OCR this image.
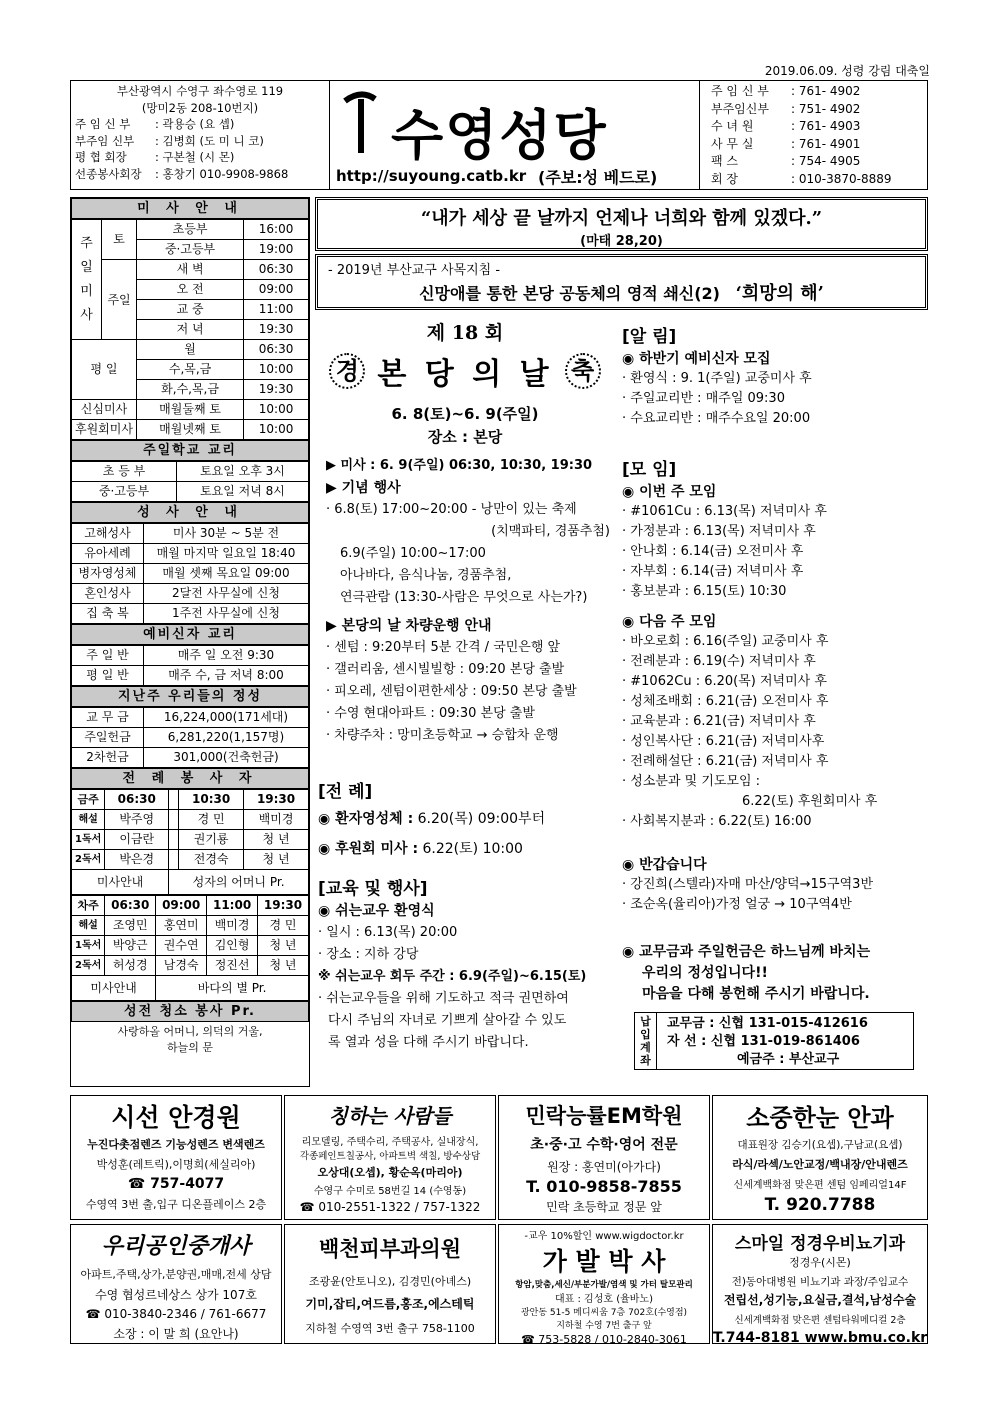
2019.06.09. 성령 강림 대축일
부산광역시 수영구 좌수영로 119
(망미2동 208-10번지)
주 임 신 부 : 곽용승 (요 셉)
부주임 신부 : 김병희 (도 미 니 코)
평 협 회장 : 구본철 (시 몬)
선종봉사회장 : 홍창기 010-9908-9868
수영성당
http://suyoung.catb.kr (주보:성 베드로)
주 임 신 부 : 761- 4902
부주임신부 : 751- 4902
수 녀 원	: 761- 4903
사 무 실	: 761- 4901
팩 스	: 754- 4905
회 장	: 010-3870-8889
미 사 안 내
주일미사	토	초등부	16:00
		중·고등부	19:00
	주일	새 벽	06:30
		오 전	09:00
		교 중	11:00
		저 녁	19:30
평 일		월	06:30
		수,목,금	10:00
		화,수,목,금	19:30
신심미사		매월둘째 토	10:00
후원회미사		매월넷째 토	10:00
주일학교 교리
초 등 부	토요일 오후 3시
중·고등부	토요일 저녁 8시
성 사 안 내
고해성사	미사 30분 ~ 5분 전
유아세례	매월 마지막 일요일 18:40
병자영성체	매월 셋째 목요일 09:00
혼인성사	2달전 사무실에 신청
집 축 복	1주전 사무실에 신청
예비신자 교리
주 일 반	매주 일 오전 9:30
평 일 반	매주 수, 금 저녁 8:00
지난주 우리들의 정성
교 무 금	16,224,000(171세대)
주일헌금	6,281,220(1,157명)
2차헌금	301,000(건축헌금)
전 례 봉 사 자
금주	06:30		10:30	19:30
해설	박주영		경 민	백미경
1독서	이금란		권기룡	청 년
2독서	박은경		전경숙	청 년
미사안내		성자의 어머니 Pr.		
차주	06:30	09:00	11:00	19:30
해설	조영민	홍연미	백미경	경 민
1독서	박양근	권수연	김인형	청 년
2독서	허성경	남경숙	정진선	청 년
미사안내		바다의 별 Pr.		
성전 청소 봉사 Pr.
사랑하올 어머니, 의덕의 거울,
하늘의 문
“내가 세상 끝 날까지 언제나 너희와 함께 있겠다.”
(마태 28,20)
- 2019년 부산교구 사목지침 -
신망애를 통한 본당 공동체의 영적 쇄신(2) ‘희망의 해’
제 18 회
경 본 당 의 날 축
6. 8(토)~6. 9(주일)
장소 : 본당
▶ 미사 : 6. 9(주일) 06:30, 10:30, 19:30
▶ 기념 행사
· 6.8(토) 17:00~20:00 - 낭만이 있는 축제
(치맥파티, 경품추첨)
6.9(주일) 10:00~17:00
아나바다, 음식나눔, 경품추첨,
연극관람 (13:30-사람은 무엇으로 사는가?)
▶ 본당의 날 차량운행 안내
· 센텀 : 9:20부터 5분 간격 / 국민은행 앞
· 갤러리움, 센시빌빌항 : 09:20 본당 출발
· 피오레, 센텀이편한세상 : 09:50 본당 출발
· 수영 현대아파트 : 09:30 본당 출발
· 차량주차 : 망미초등학교 → 승합차 운행
[전 례]
◉ 환자영성체 : 6.20(목) 09:00부터
◉ 후원회 미사 : 6.22(토) 10:00
[교육 및 행사]
◉ 쉬는교우 환영식
· 일시 : 6.13(목) 20:00
· 장소 : 지하 강당
※ 쉬는교우 회두 주간 : 6.9(주일)~6.15(토)
· 쉬는교우들을 위해 기도하고 적극 권면하여
다시 주님의 자녀로 기쁘게 살아갈 수 있도
록 열과 성을 다해 주시기 바랍니다.
[알 림]
◉ 하반기 예비신자 모집
· 환영식 : 9. 1(주일) 교중미사 후
· 주일교리반 : 매주일 09:30
· 수요교리반 : 매주수요일 20:00
[모 임]
◉ 이번 주 모임
· #1061Cu : 6.13(목) 저녁미사 후
· 가정분과 : 6.13(목) 저녁미사 후
· 안나회 : 6.14(금) 오전미사 후
· 자부회 : 6.14(금) 저녁미사 후
· 홍보분과 : 6.15(토) 10:30
◉ 다음 주 모임
· 바오로회 : 6.16(주일) 교중미사 후
· 전례분과 : 6.19(수) 저녁미사 후
· #1062Cu : 6.20(목) 저녁미사 후
· 성체조배회 : 6.21(금) 오전미사 후
· 교육분과 : 6.21(금) 저녁미사 후
· 성인복사단 : 6.21(금) 저녁미사후
· 전례해설단 : 6.21(금) 저녁미사 후
· 성소분과 및 기도모임 :
6.22(토) 후원회미사 후
· 사회복지분과 : 6.22(토) 16:00
◉ 반갑습니다
· 강진희(스텔라)자매 마산/양덕→15구역3반
· 조순옥(율리아)가정 얼궁 → 10구역4반
◉ 교무금과 주일헌금은 하느님께 바치는
우리의 정성입니다!!
마음을 다해 봉헌해 주시기 바랍니다.
납입계좌
교무금 : 신협 131-015-412616
자 선 : 신협 131-019-861406
예금주 : 부산교구
시선 안경원
누진다촛점렌즈 기능성렌즈 변색렌즈
박성훈(레트릭),이명희(세실리아)
☎ 757-4077
수영역 3번 출,입구 디온플레이스 2층
칭하는 사람들
리모델링, 주택수리, 주택공사, 실내장식,
각종페인트칠공사, 아파트벽 색칠, 방수상담
오상대(오셉), 황순옥(마리아)
수영구 수미로 58번길 14 (수영동)
☎ 010-2551-1322 / 757-1322
민락능률EM학원
초·중·고 수학·영어 전문
원장 : 홍연미(아가다)
T. 010-9858-7855
민락 초등학교 정문 앞
소중한눈 안과
대표원장 김승기(요셉),구남교(요셉)
라식/라섹/노안교정/백내장/안내렌즈
신세계백화점 맞은편 센텀 임페리얼14F
T. 920.7788
우리공인중개사
아파트,주택,상가,분양권,매매,전세 상담
수영 협성르네상스 상가 107호
☎ 010-3840-2346 / 761-6677
소장 : 이 말 희 (요안나)
백천피부과의원
조광윤(안토니오), 김경민(아녜스)
기미,잡티,여드름,홍조,에스테틱
지하철 수영역 3번 출구 758-1100
-교우 10%할인 www.wigdoctor.kr
가 발 박 사
항암,맞춤,세신/부분가발/염색 및 가터 탈모관리
대표 : 김성호 (율바노)
광안동 51-5 메디씨움 7층 702호(수영점)
지하철 수영 7번 출구 앞
☎ 753-5828 / 010-2840-3061
스마일 정경우비뇨기과
정경우(시몬)
전)동아대병원 비뇨기과 과장/주임교수
전립선,성기능,요실금,결석,남성수술
신세계백화점 맞은편 센텀타워메디컬 2층
T.744-8181 www.bmu.co.kr
